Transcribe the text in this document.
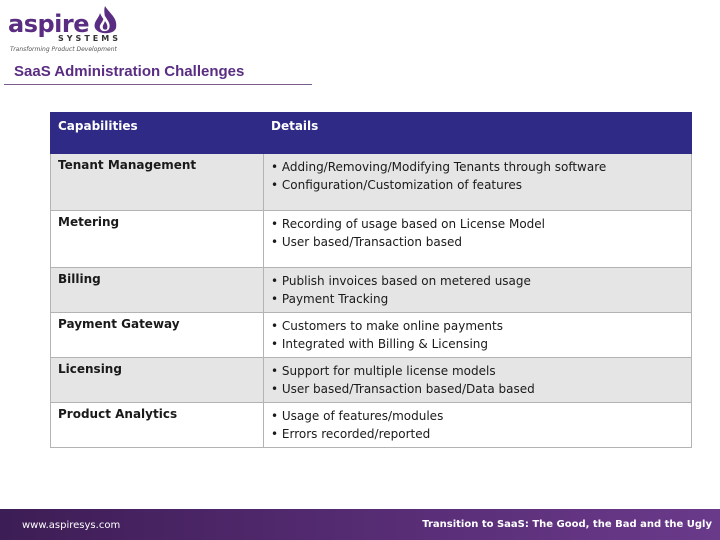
aspire
SYSTEMS
Transforming Product Development
SaaS Administration Challenges
Capabilities	Details
Tenant Management	• Adding/Removing/Modifying Tenants through software
• Configuration/Customization of features

Metering	• Recording of usage based on License Model
• User based/Transaction based

Billing	• Publish invoices based on metered usage
• Payment Tracking

Payment Gateway	• Customers to make online payments
• Integrated with Billing & Licensing

Licensing	• Support for multiple license models
• User based/Transaction based/Data based

Product Analytics	• Usage of features/modules
• Errors recorded/reported
www.aspiresys.com	Transition to SaaS: The Good, the Bad and the Ugly
